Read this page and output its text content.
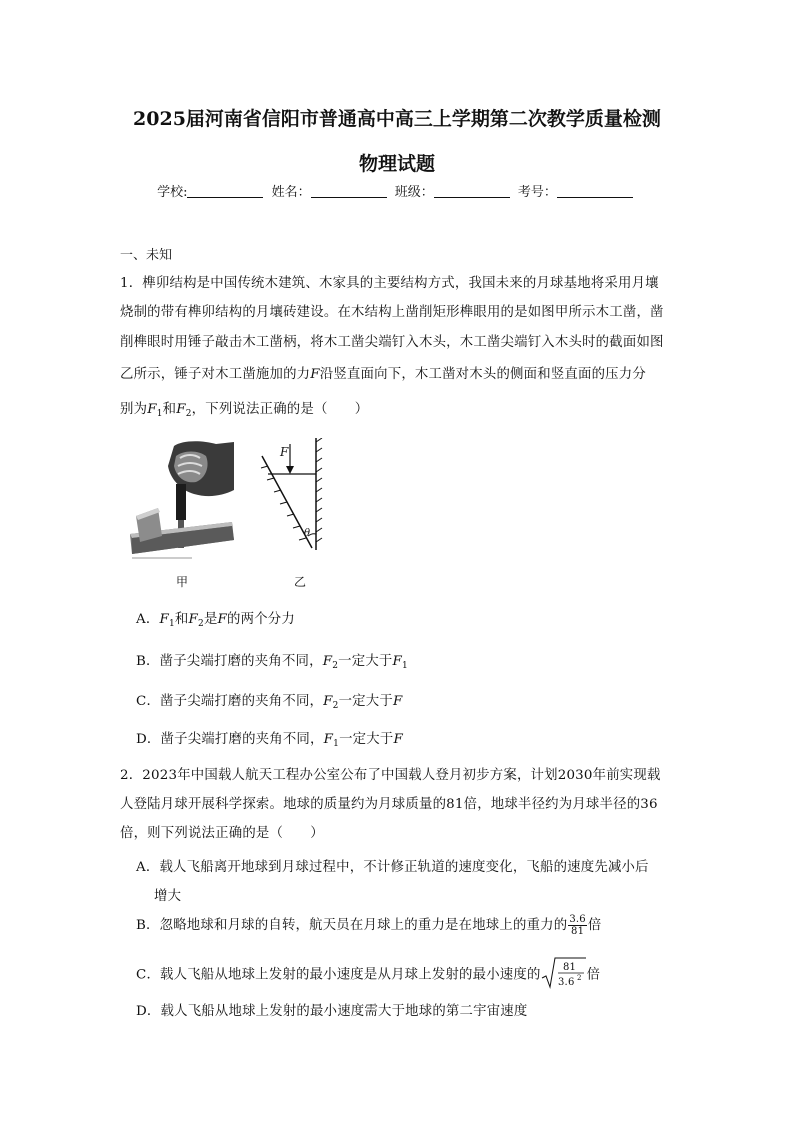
2025届河南省信阳市普通高中高三上学期第二次教学质量检测
物理试题
学校:	姓名：	班级：	考号：
一、未知
1．榫卯结构是中国传统木建筑、木家具的主要结构方式，我国未来的月球基地将采用月壤
烧制的带有榫卯结构的月壤砖建设。在木结构上凿削矩形榫眼用的是如图甲所示木工凿，凿
削榫眼时用锤子敲击木工凿柄，将木工凿尖端钉入木头，木工凿尖端钉入木头时的截面如图
乙所示，锤子对木工凿施加的力F沿竖直面向下，木工凿对木头的侧面和竖直面的压力分
别为$F_1$和$F_2$，下列说法正确的是（　　）
甲
F
θ
乙
A．$F_1$和$F_2$是F的两个分力
B．凿子尖端打磨的夹角不同，$F_2$一定大于$F_1$
C．凿子尖端打磨的夹角不同，$F_2$一定大于F
D．凿子尖端打磨的夹角不同，$F_1$一定大于F
2．2023年中国载人航天工程办公室公布了中国载人登月初步方案，计划2030年前实现载
人登陆月球开展科学探索。地球的质量约为月球质量的81倍，地球半径约为月球半径的36
倍，则下列说法正确的是（　　）
A．载人飞船离开地球到月球过程中，不计修正轨道的速度变化，飞船的速度先减小后
增大
B．忽略地球和月球的自转，航天员在月球上的重力是在地球上的重力的 $\frac{3.6}{81}$ 倍
C．载人飞船从地球上发射的最小速度是从月球上发射的最小速度的 81
3.6 2 倍
D．载人飞船从地球上发射的最小速度需大于地球的第二宇宙速度
